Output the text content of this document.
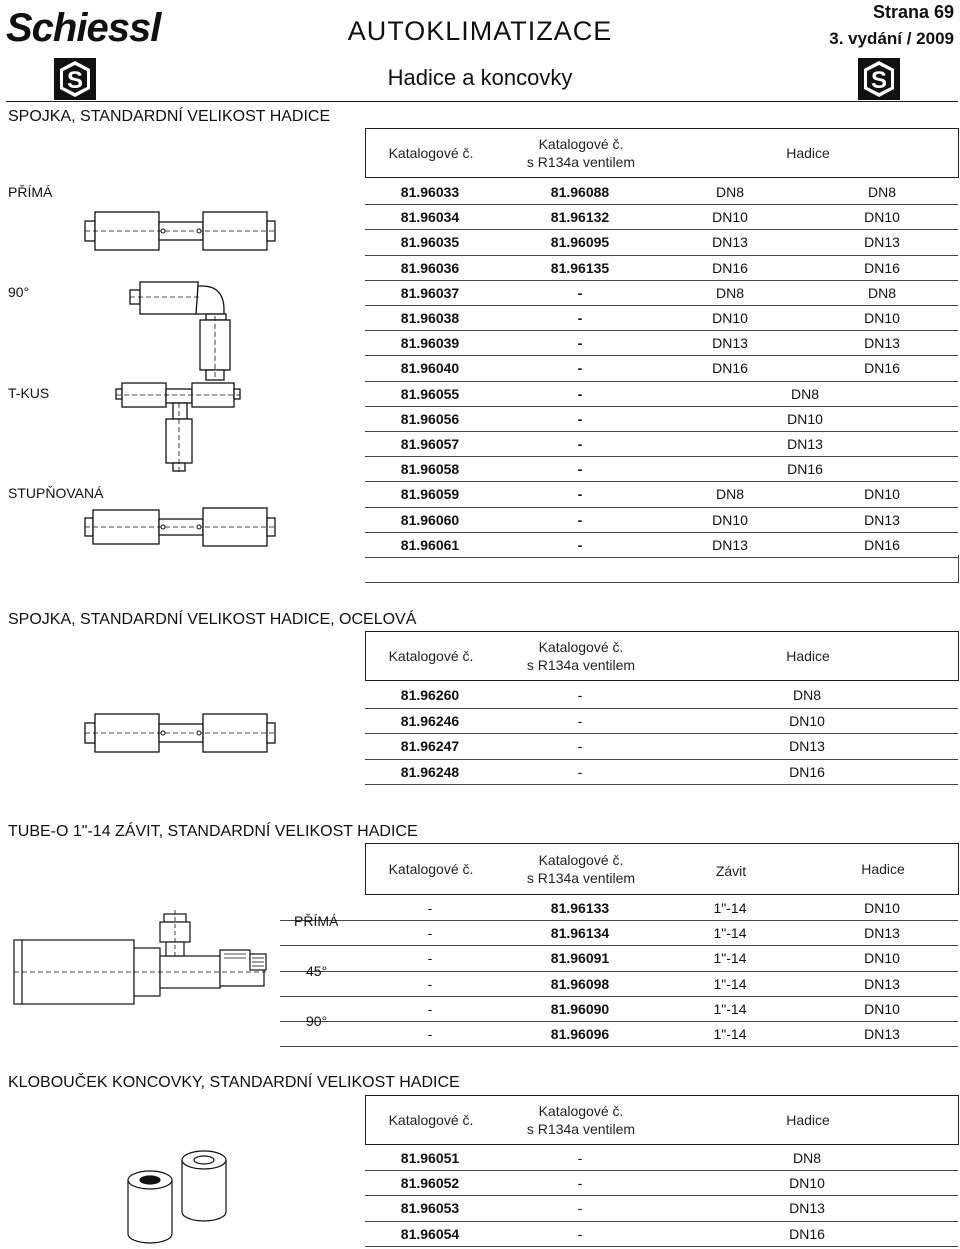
Schiessl	AUTOKLIMATIZACE
Strana 69
3. vydání / 2009
S	S
Hadice a koncovky
SPOJKA, STANDARDNÍ VELIKOST HADICE
Katalogové č.
Katalogové č.
s R134a ventilem
Hadice
81.96033	81.96088	DN8	DN8
81.96034	81.96132	DN10	DN10
81.96035	81.96095	DN13	DN13
81.96036	81.96135	DN16	DN16
81.96037	-	DN8	DN8
81.96038	-	DN10	DN10
81.96039	-	DN13	DN13
81.96040	-	DN16	DN16
81.96055	-	DN8
81.96056	-	DN10
81.96057	-	DN13
81.96058	-	DN16
81.96059	-	DN8	DN10
81.96060	-	DN10	DN13
81.96061	-	DN13	DN16
PŘÍMÁ
90°
T-KUS
STUPŇOVANÁ
SPOJKA, STANDARDNÍ VELIKOST HADICE, OCELOVÁ
Katalogové č.
Katalogové č.
s R134a ventilem
Hadice
81.96260	-	DN8
81.96246	-	DN10
81.96247	-	DN13
81.96248	-	DN16
TUBE-O 1"-14 ZÁVIT, STANDARDNÍ VELIKOST HADICE
Katalogové č.
Katalogové č.
s R134a ventilem	Závit	Hadice
-	81.96133	1"-14	DN10
-	81.96134	1"-14	DN13
-	81.96091	1"-14	DN10
-	81.96098	1"-14	DN13
-	81.96090	1"-14	DN10
-	81.96096	1"-14	DN13
PŘÍMÁ
45°
90°
KLOBOUČEK KONCOVKY, STANDARDNÍ VELIKOST HADICE
Katalogové č.
Katalogové č.
s R134a ventilem
Hadice
81.96051	-	DN8
81.96052	-	DN10
81.96053	-	DN13
81.96054	-	DN16
